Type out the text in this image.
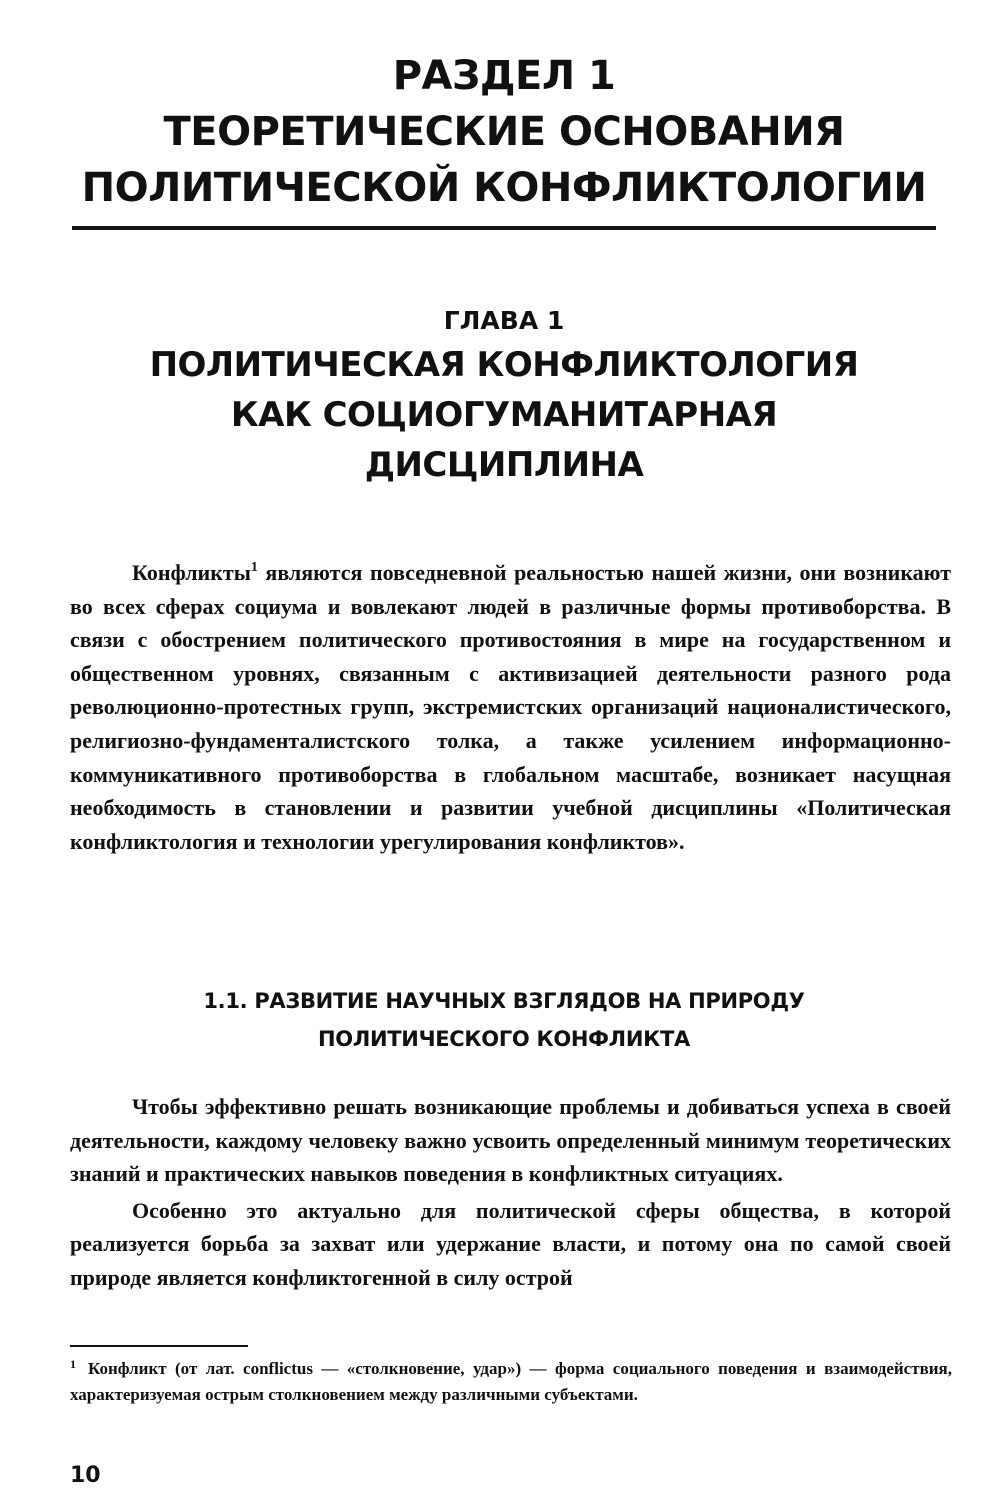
РАЗДЕЛ 1
ТЕОРЕТИЧЕСКИЕ ОСНОВАНИЯ
ПОЛИТИЧЕСКОЙ КОНФЛИКТОЛОГИИ
ГЛАВА 1
ПОЛИТИЧЕСКАЯ КОНФЛИКТОЛОГИЯ
КАК СОЦИОГУМАНИТАРНАЯ
ДИСЦИПЛИНА

Конфликты$^1$ являются повседневной реальностью нашей жизни, они возникают во всех сферах социума и вовлекают людей в различные формы противоборства. В связи с обострением политического противостояния в мире на государственном и общественном уровнях, связанным с активизацией деятельности разного рода революционно-протестных групп, экстремистских организаций националистического, религиозно-фундаменталистского толка, а также усилением информационно-коммуникативного противоборства в глобальном масштабе, возникает насущная необходимость в становлении и развитии учебной дисциплины «Политическая конфликтология и технологии урегулирования конфликтов».

1.1. РАЗВИТИЕ НАУЧНЫХ ВЗГЛЯДОВ НА ПРИРОДУ
ПОЛИТИЧЕСКОГО КОНФЛИКТА

Чтобы эффективно решать возникающие проблемы и добиваться успеха в своей деятельности, каждому человеку важно усвоить определенный минимум теоретических знаний и практических навыков поведения в конфликтных ситуациях.

Особенно это актуально для политической сферы общества, в которой реализуется борьба за захват или удержание власти, и потому она по самой своей природе является конфликтогенной в силу острой

$^1$ Конфликт (от лат. conflictus — «столкновение, удар») — форма социального поведения и взаимодействия, характеризуемая острым столкновением между различными субъектами.

10
